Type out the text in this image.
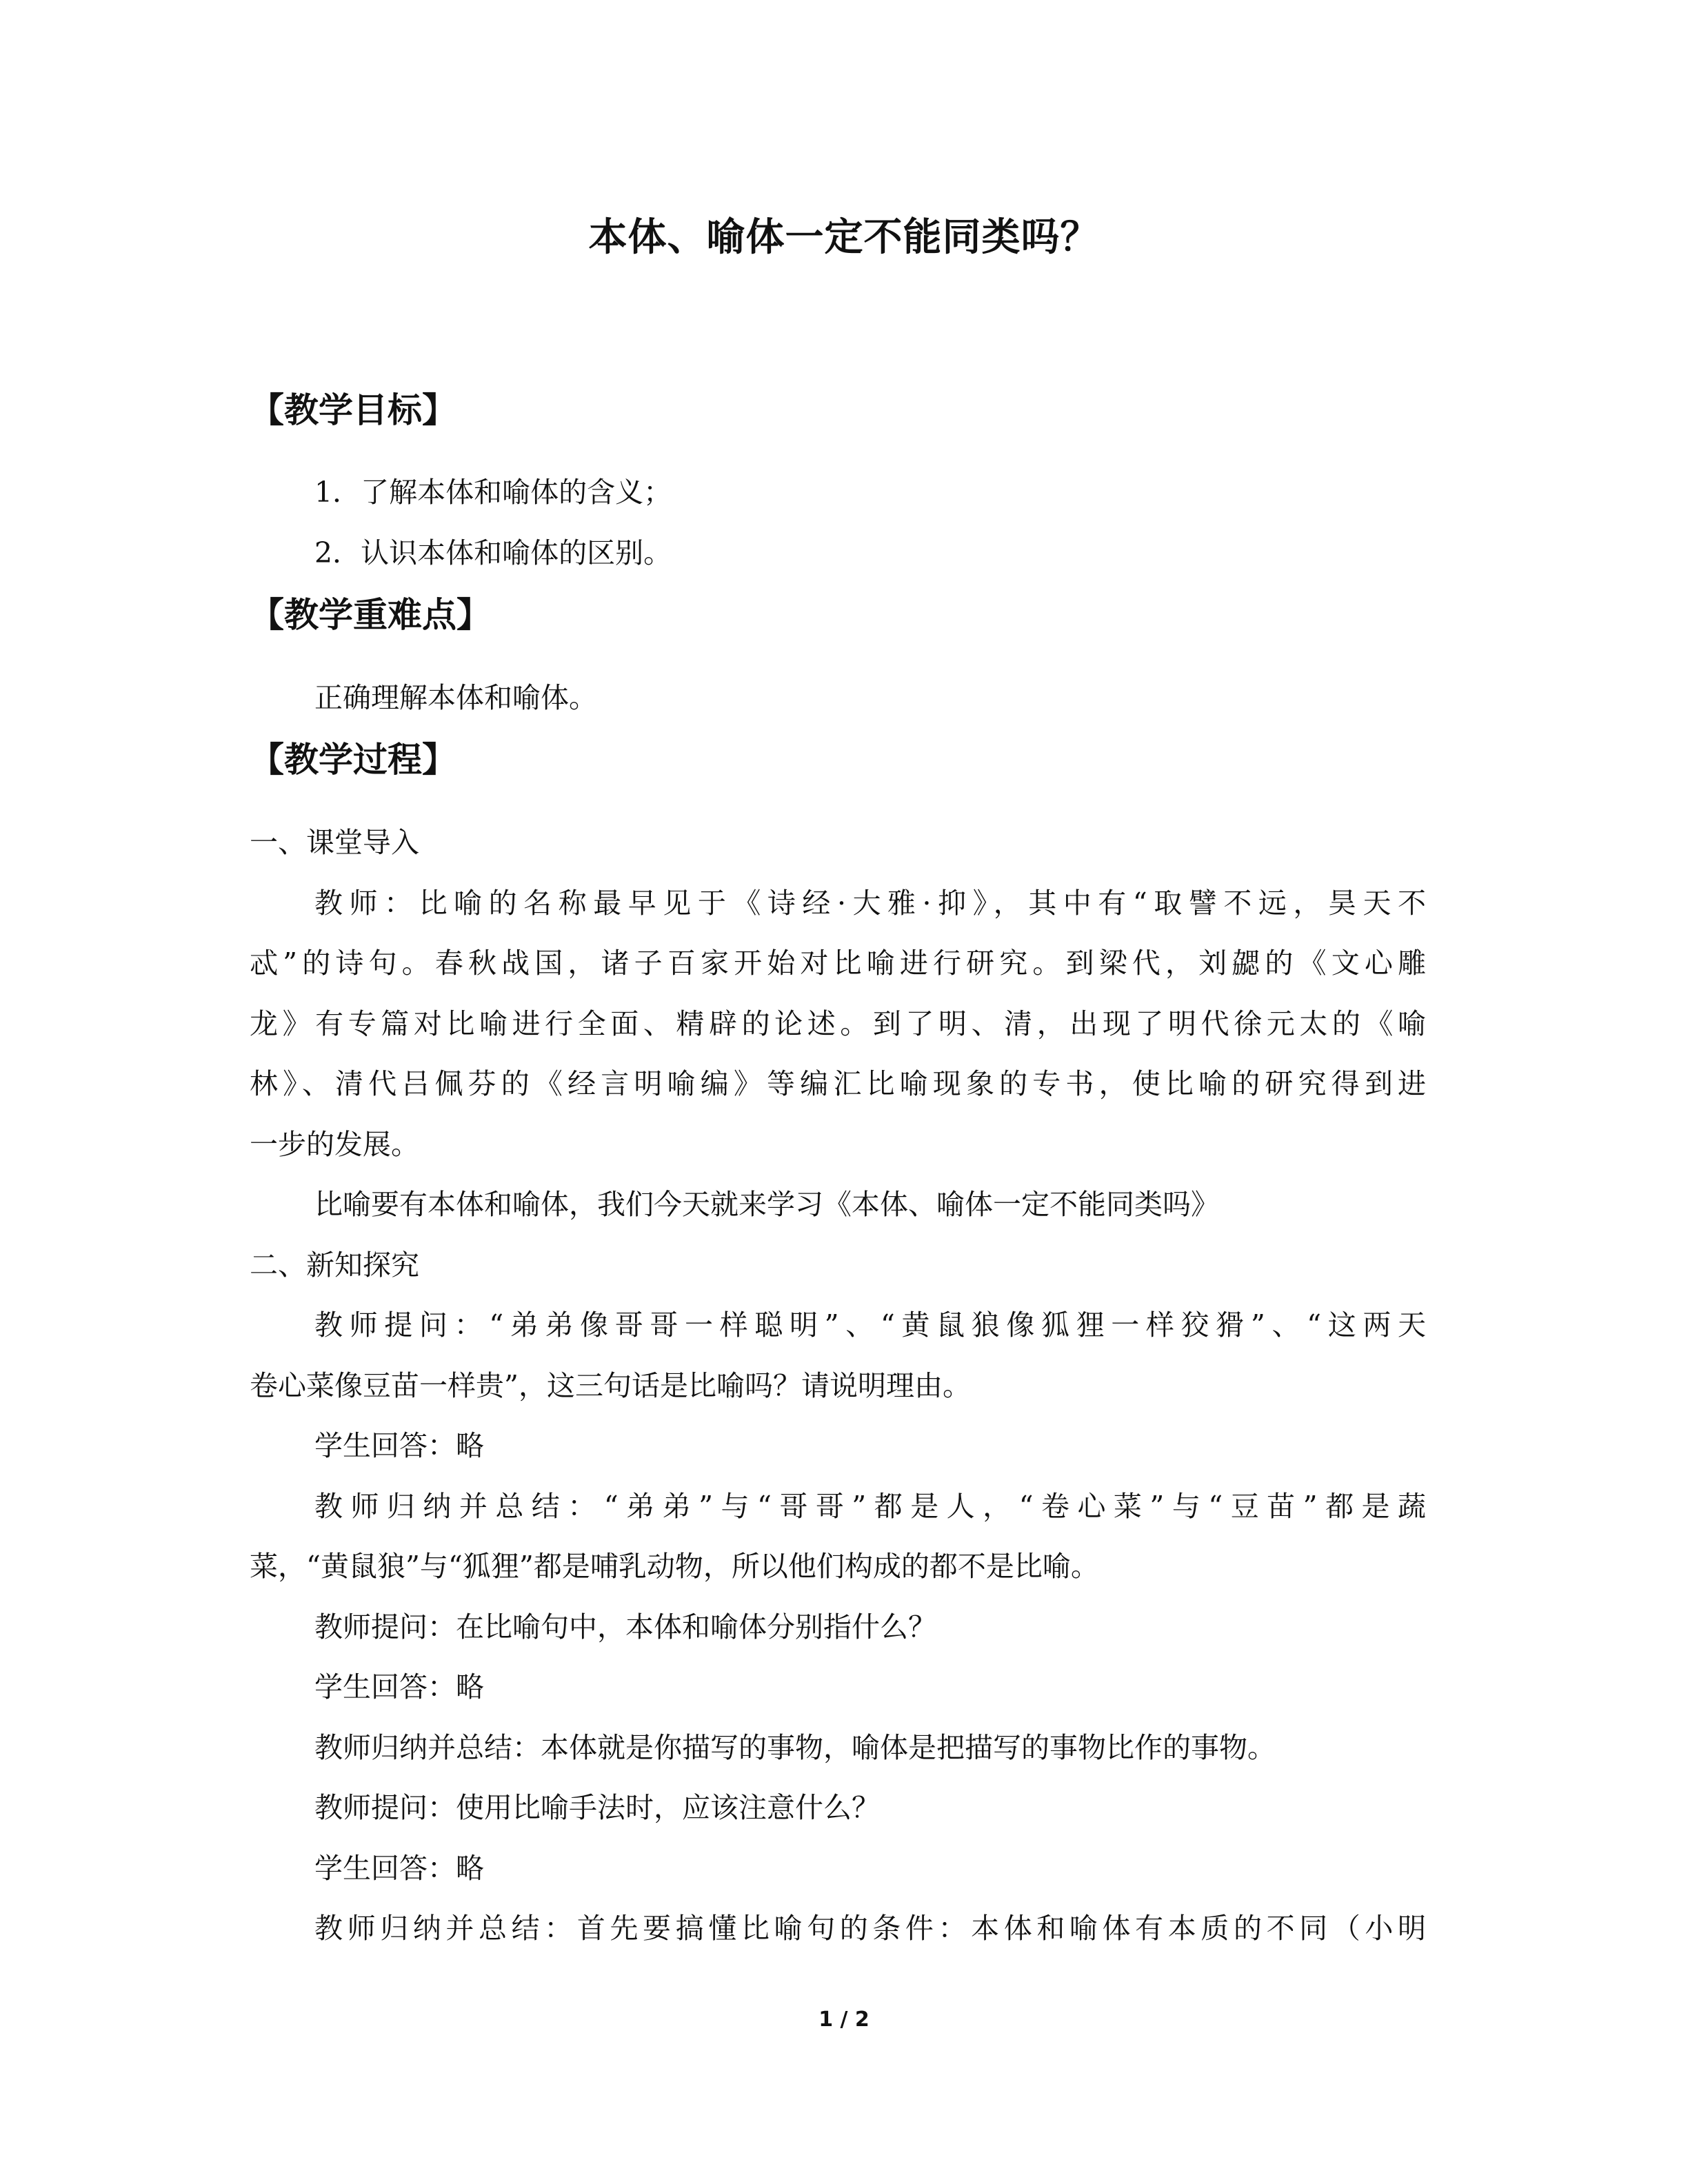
本体、喻体一定不能同类吗？
【教学目标】
1．了解本体和喻体的含义；
2．认识本体和喻体的区别。
【教学重难点】
正确理解本体和喻体。
【教学过程】
一、课堂导入
教师：比喻的名称最早见于《诗经·大雅·抑》，其中有“取譬不远，昊天不
忒”的诗句。春秋战国，诸子百家开始对比喻进行研究。到梁代，刘勰的《文心雕
龙》有专篇对比喻进行全面、精辟的论述。到了明、清，出现了明代徐元太的《喻
林》、清代吕佩芬的《经言明喻编》等编汇比喻现象的专书，使比喻的研究得到进
一步的发展。
比喻要有本体和喻体，我们今天就来学习《本体、喻体一定不能同类吗》
二、新知探究
教师提问：“弟弟像哥哥一样聪明”、“黄鼠狼像狐狸一样狡猾”、“这两天
卷心菜像豆苗一样贵”，这三句话是比喻吗？请说明理由。
学生回答：略
教师归纳并总结：“弟弟”与“哥哥”都是人，“卷心菜”与“豆苗”都是蔬
菜，“黄鼠狼”与“狐狸”都是哺乳动物，所以他们构成的都不是比喻。
教师提问：在比喻句中，本体和喻体分别指什么？
学生回答：略
教师归纳并总结：本体就是你描写的事物，喻体是把描写的事物比作的事物。
教师提问：使用比喻手法时，应该注意什么？
学生回答：略
教师归纳并总结：首先要搞懂比喻句的条件：本体和喻体有本质的不同（小明
1 / 2
